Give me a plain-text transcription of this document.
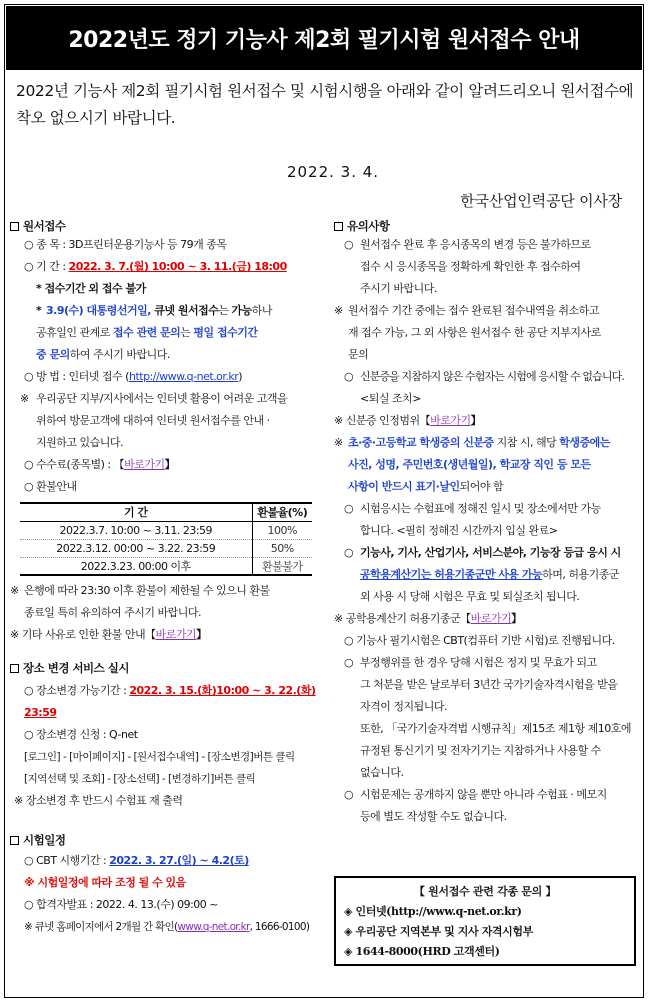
2022년도 정기 기능사 제2회 필기시험 원서접수 안내
2022년 기능사 제2회 필기시험 원서접수 및 시험시행을 아래와 같이 알려드리오니 원서접수에 착오 없으시기 바랍니다.
2022. 3. 4.
한국산업인력공단 이사장
원서접수
○ 종 목 : 3D프린터운용기능사 등 79개 종목
○ 기 간 : 2022. 3. 7.(월) 10:00 ~ 3. 11.(금) 18:00
* 접수기간 외 접수 불가
* 3.9(수) 대통령선거일, 큐넷 원서접수는 가능하나
공휴일인 관계로 접수 관련 문의는 평일 접수기간
중 문의하여 주시기 바랍니다.
○ 방 법 : 인터넷 접수 (http://www.q-net.or.kr)
※ 우리공단 지부/지사에서는 인터넷 활용이 어려운 고객을
위하여 방문고객에 대하여 인터넷 원서접수를 안내 ·
지원하고 있습니다.
○ 수수료(종목별) : 【바로가기】
○ 환불안내
기 간	환불율(%)
2022.3.7. 10:00 ~ 3.11. 23:59	100%
2022.3.12. 00:00 ~ 3.22. 23:59	50%
2022.3.23. 00:00 이후	환불불가
※ 은행에 따라 23:30 이후 환불이 제한될 수 있으니 환불
종료일 특히 유의하여 주시기 바랍니다.
※ 기타 사유로 인한 환불 안내【바로가기】
장소 변경 서비스 실시
○ 장소변경 가능기간 : 2022. 3. 15.(화)10:00 ~ 3. 22.(화) 23:59
○ 장소변경 신청 : Q-net
[로그인] - [마이페이지] - [원서접수내역] - [장소변경]버튼 클릭
[지역선택 및 조회] - [장소선택] - [변경하기]버튼 클릭
※ 장소변경 후 반드시 수험표 재 출력
시험일정
○ CBT 시행기간 : 2022. 3. 27.(일) ~ 4.2(토)
※ 시험일정에 따라 조정 될 수 있음
○ 합격자발표 : 2022. 4. 13.(수) 09:00 ~
※ 큐넷 홈페이지에서 2개월 간 확인(www.q-net.or.kr, 1666-0100)
유의사항
○ 원서접수 완료 후 응시종목의 변경 등은 불가하므로
접수 시 응시종목을 정확하게 확인한 후 접수하여
주시기 바랍니다.
※ 원서접수 기간 중에는 접수 완료된 접수내역을 취소하고
재 접수 가능, 그 외 사항은 원서접수 한 공단 지부지사로
문의
○ 신분증을 지참하지 않은 수험자는 시험에 응시할 수 없습니다.
<퇴실 조치>
※ 신분증 인정범위【바로가기】
※ 초·중·고등학교 학생증의 신분증 지참 시, 해당 학생증에는
사진, 성명, 주민번호(생년월일), 학교장 직인 등 모든
사항이 반드시 표기·날인되어야 함
○ 시험응시는 수험표에 정해진 일시 및 장소에서만 가능
합니다. <필히 정해진 시간까지 입실 완료>
○ 기능사, 기사, 산업기사, 서비스분야, 기능장 등급 응시 시
공학용계산기는 허용기종군만 사용 가능하며, 허용기종군
외 사용 시 당해 시험은 무효 및 퇴실조치 됩니다.
※ 공학용계산기 허용기종군【바로가기】
○ 기능사 필기시험은 CBT(컴퓨터 기반 시험)로 진행됩니다.
○ 부정행위를 한 경우 당해 시험은 정지 및 무효가 되고
그 처분을 받은 날로부터 3년간 국가기술자격시험을 받을
자격이 정지됩니다.
또한, 「국가기술자격법 시행규칙」제15조 제1항 제10호에
규정된 통신기기 및 전자기기는 지참하거나 사용할 수
없습니다.
○ 시험문제는 공개하지 않을 뿐만 아니라 수험표 · 메모지
등에 별도 작성할 수도 없습니다.
【 원서접수 관련 각종 문의 】
◈ 인터넷(http://www.q-net.or.kr)
◈ 우리공단 지역본부 및 지사 자격시험부
◈ 1644-8000(HRD 고객센터)
